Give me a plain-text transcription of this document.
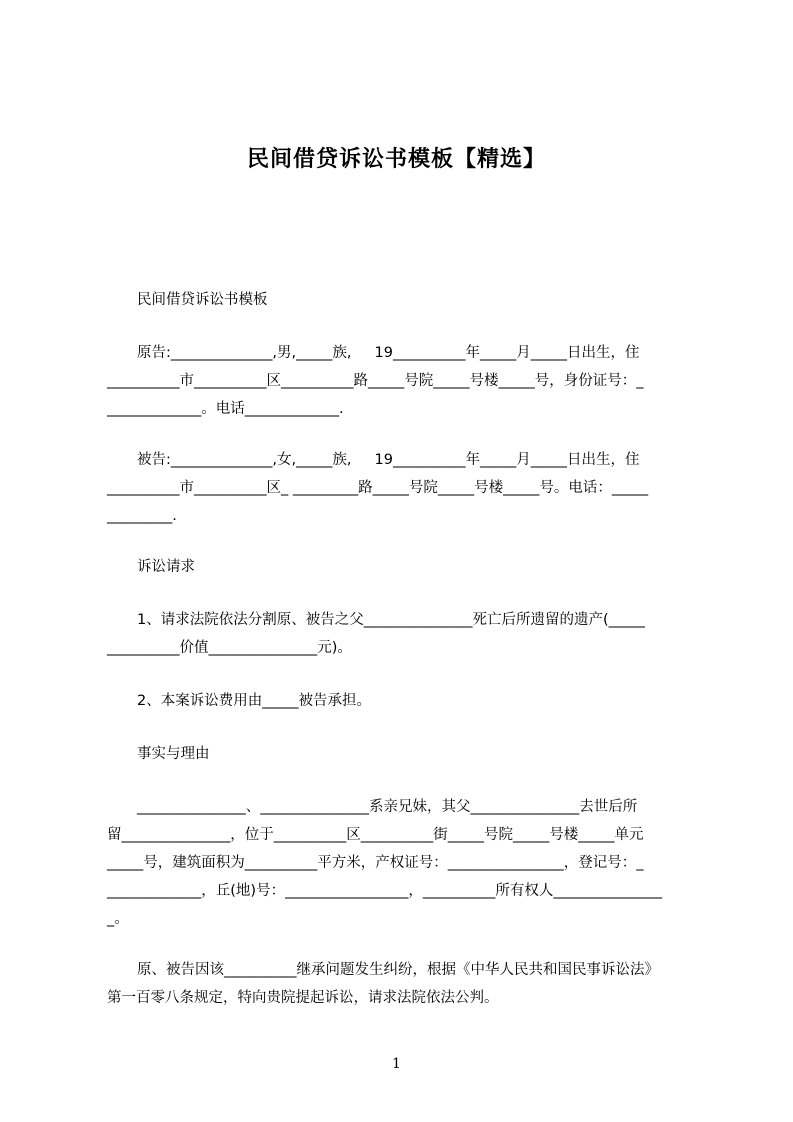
民间借贷诉讼书模板【精选】
民间借贷诉讼书模板
原告:______________,男,_____族,     19__________年_____月_____日出生，住
__________市__________区__________路_____号院_____号楼_____号，身份证号：_
_____________。电话_____________.
被告:______________,女,_____族,     19__________年_____月_____日出生，住
__________市__________区_ _________路_____号院_____号楼_____号。电话：_____
_________.
诉讼请求
1、请求法院依法分割原、被告之父_______________死亡后所遗留的遗产(_____
__________价值_______________元)。
2、本案诉讼费用由_____被告承担。
事实与理由
_______________、_______________系亲兄妹，其父_______________去世后所
留_______________，位于__________区__________街_____号院_____号楼_____单元
_____号，建筑面积为__________平方米，产权证号：________________，登记号：_
_____________，丘(地)号：_________________，__________所有权人_______________
_。
原、被告因该__________继承问题发生纠纷，根据《中华人民共和国民事诉讼法》
第一百零八条规定，特向贵院提起诉讼，请求法院依法公判。
1
